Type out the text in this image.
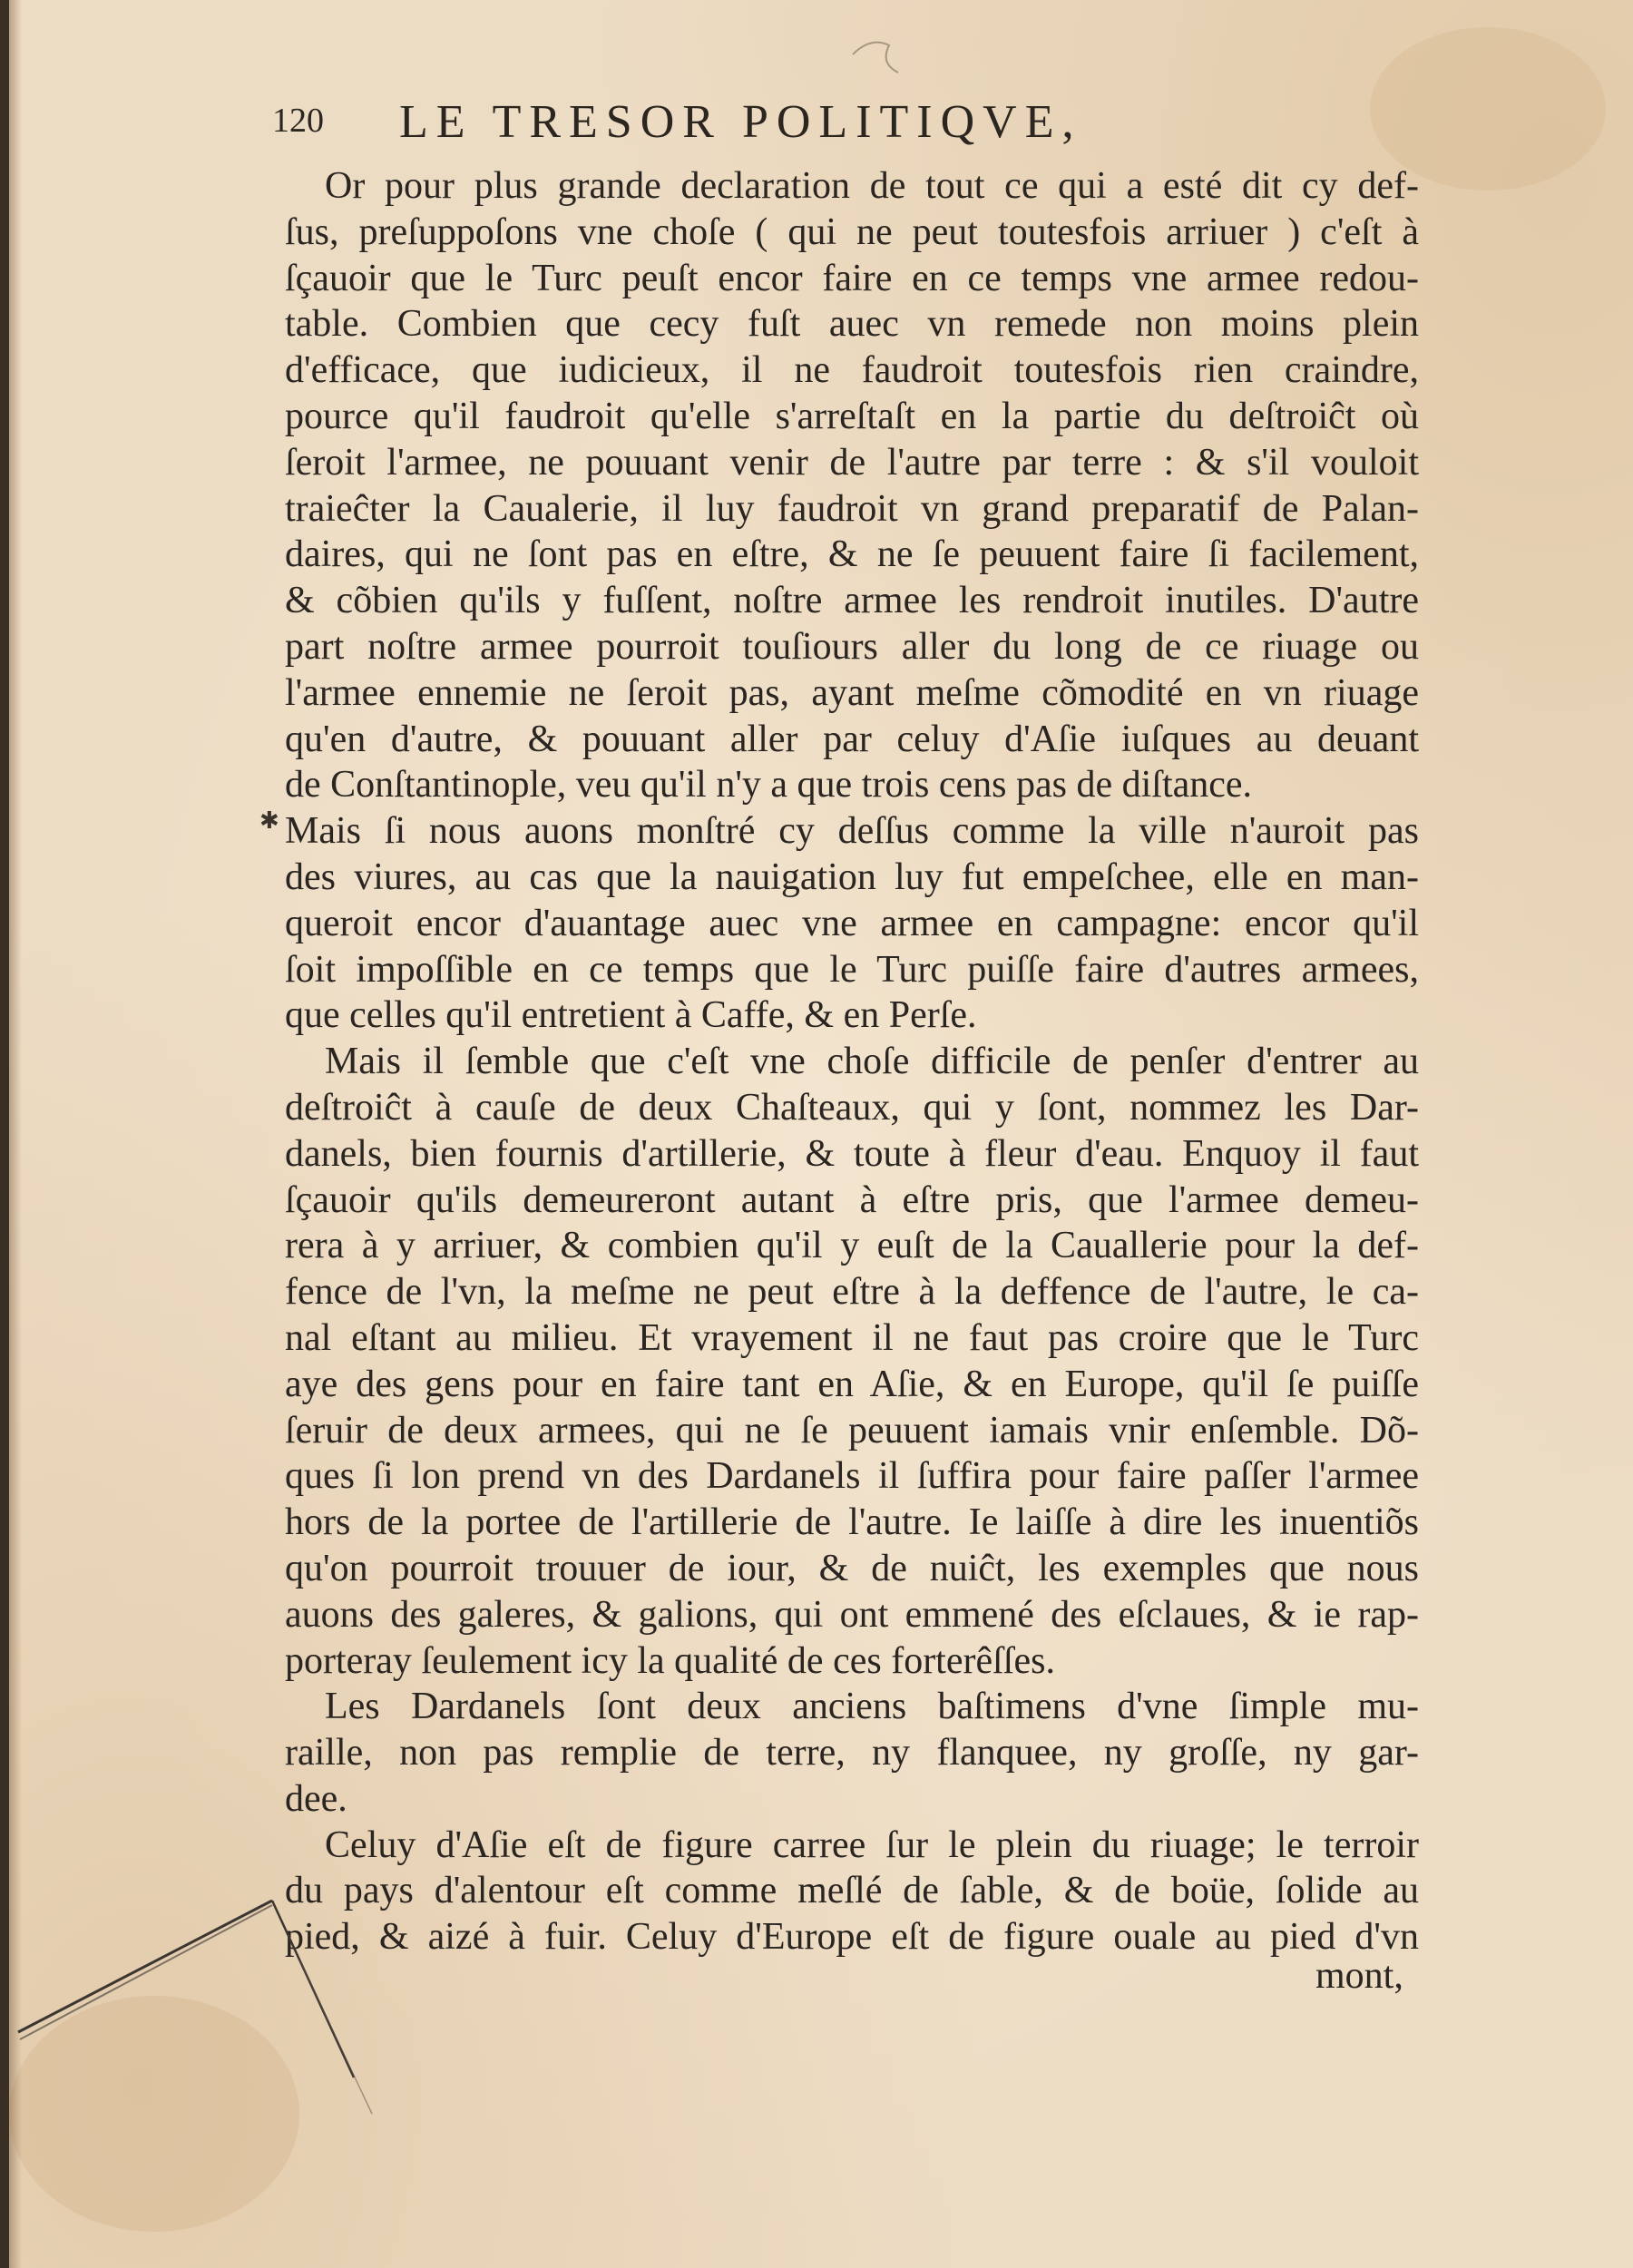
120 LE TRESOR POLITIQVE,

Or pour plus grande declaration de tout ce qui a esté dit cy def-
ſus, preſuppoſons vne choſe ( qui ne peut toutesfois arriuer ) c'eſt à
ſçauoir que le Turc peuſt encor faire en ce temps vne armee redou-
table. Combien que cecy fuſt auec vn remede non moins plein
d'efficace, que iudicieux, il ne faudroit toutesfois rien craindre,
pource qu'il faudroit qu'elle s'arreſtaſt en la partie du deſtroiĉt où
ſeroit l'armee, ne pouuant venir de l'autre par terre : & s'il vouloit
traieĉter la Caualerie, il luy faudroit vn grand preparatif de Palan-
daires, qui ne ſont pas en eſtre, & ne ſe peuuent faire ſi facilement,
& cõbien qu'ils y fuſſent, noſtre armee les rendroit inutiles. D'autre
part noſtre armee pourroit touſiours aller du long de ce riuage ou
l'armee ennemie ne ſeroit pas, ayant meſme cõmodité en vn riuage
qu'en d'autre, & pouuant aller par celuy d'Aſie iuſques au deuant
de Conſtantinople, veu qu'il n'y a que trois cens pas de diſtance.

Mais ſi nous auons monſtré cy deſſus comme la ville n'auroit pas
des viures, au cas que la nauigation luy fut empeſchee, elle en man-
queroit encor d'auantage auec vne armee en campagne: encor qu'il
ſoit impoſſible en ce temps que le Turc puiſſe faire d'autres armees,
que celles qu'il entretient à Caffe, & en Perſe.

Mais il ſemble que c'eſt vne choſe difficile de penſer d'entrer au
deſtroiĉt à cauſe de deux Chaſteaux, qui y ſont, nommez les Dar-
danels, bien fournis d'artillerie, & toute à fleur d'eau. Enquoy il faut
ſçauoir qu'ils demeureront autant à eſtre pris, que l'armee demeu-
rera à y arriuer, & combien qu'il y euſt de la Cauallerie pour la def-
fence de l'vn, la meſme ne peut eſtre à la deffence de l'autre, le ca-
nal eſtant au milieu. Et vrayement il ne faut pas croire que le Turc
aye des gens pour en faire tant en Aſie, & en Europe, qu'il ſe puiſſe
ſeruir de deux armees, qui ne ſe peuuent iamais vnir enſemble. Dõ-
ques ſi lon prend vn des Dardanels il ſuffira pour faire paſſer l'armee
hors de la portee de l'artillerie de l'autre. Ie laiſſe à dire les inuentiõs
qu'on pourroit trouuer de iour, & de nuiĉt, les exemples que nous
auons des galeres, & galions, qui ont emmené des eſclaues, & ie rap-
porteray ſeulement icy la qualité de ces forterêſſes.

Les Dardanels ſont deux anciens baſtimens d'vne ſimple mu-
raille, non pas remplie de terre, ny flanquee, ny groſſe, ny gar-
dee.

Celuy d'Aſie eſt de figure carree ſur le plein du riuage; le terroir
du pays d'alentour eſt comme meſlé de ſable, & de boüe, ſolide au
pied, & aizé à fuir. Celuy d'Europe eſt de figure ouale au pied d'vn

mont,
✱
